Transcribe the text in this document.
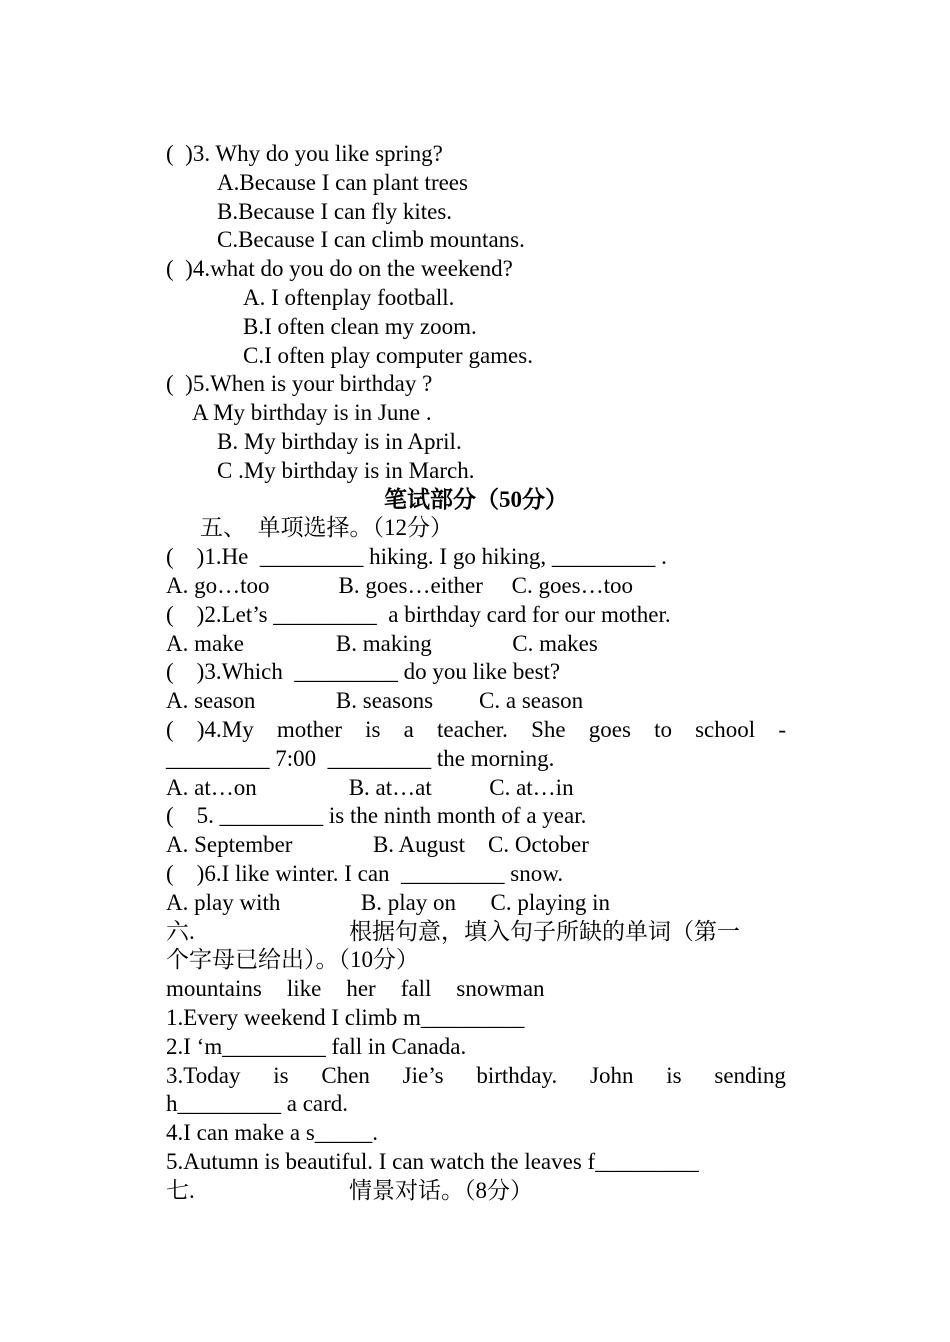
(  )3. Why do you like spring?
A.Because I can plant trees
B.Because I can fly kites.
C.Because I can climb mountans.
(  )4.what do you do on the weekend?
A. I oftenplay football.
B.I often clean my zoom.
C.I often play computer games.
(  )5.When is your birthday ?
A My birthday is in June .
B. My birthday is in April.
C .My birthday is in March.
笔试部分（50分）
五、  单项选择。（12分）
(    )1.He  _________ hiking. I go hiking, _________ .
A. go…too            B. goes…either     C. goes…too
(    )2.Let’s _________  a birthday card for our mother.
A. make                B. making              C. makes
(    )3.Which  _________ do you like best?
A. season              B. seasons        C. a season
( )4.My mother is a teacher. She goes to school -
_________ 7:00  _________ the morning.
A. at…on                B. at…at          C. at…in
(    5. _________ is the ninth month of a year.
A. September              B. August    C. October
(    )6.I like winter. I can  _________ snow.
A. play with              B. play on      C. playing in
六.	根据句意，填入句子所缺的单词（第一
个字母已给出）。（10分）
mountains like her fall snowman
1.Every weekend I climb m_________
2.I ‘m_________ fall in Canada.
3.Today is Chen Jie’s birthday. John is sending
h_________ a card.
4.I can make a s_____.
5.Autumn is beautiful. I can watch the leaves f_________
七.	情景对话。（8分）
